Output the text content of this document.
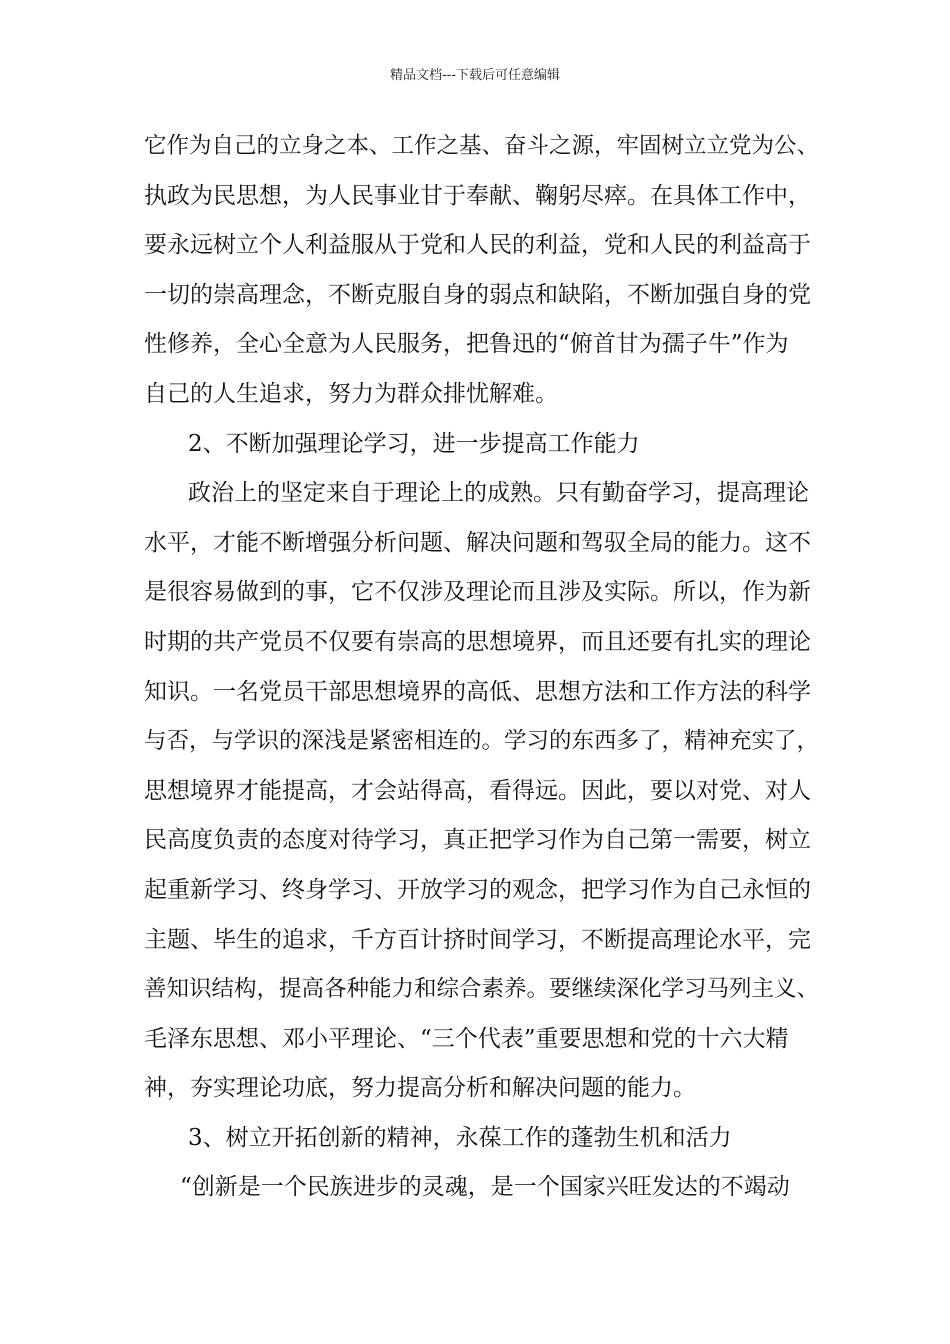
精品文档---下载后可任意编辑
它作为自己的立身之本、工作之基、奋斗之源，牢固树立立党为公、
执政为民思想，为人民事业甘于奉献、鞠躬尽瘁。在具体工作中，
要永远树立个人利益服从于党和人民的利益，党和人民的利益高于
一切的崇高理念，不断克服自身的弱点和缺陷，不断加强自身的党
性修养，全心全意为人民服务，把鲁迅的“俯首甘为孺子牛”作为
自己的人生追求，努力为群众排忧解难。
2、不断加强理论学习，进一步提高工作能力
政治上的坚定来自于理论上的成熟。只有勤奋学习，提高理论
水平，才能不断增强分析问题、解决问题和驾驭全局的能力。这不
是很容易做到的事，它不仅涉及理论而且涉及实际。所以，作为新
时期的共产党员不仅要有崇高的思想境界，而且还要有扎实的理论
知识。一名党员干部思想境界的高低、思想方法和工作方法的科学
与否，与学识的深浅是紧密相连的。学习的东西多了，精神充实了，
思想境界才能提高，才会站得高，看得远。因此，要以对党、对人
民高度负责的态度对待学习，真正把学习作为自己第一需要，树立
起重新学习、终身学习、开放学习的观念，把学习作为自己永恒的
主题、毕生的追求，千方百计挤时间学习，不断提高理论水平，完
善知识结构，提高各种能力和综合素养。要继续深化学习马列主义、
毛泽东思想、邓小平理论、“三个代表”重要思想和党的十六大精
神，夯实理论功底，努力提高分析和解决问题的能力。
3、树立开拓创新的精神，永葆工作的蓬勃生机和活力
“创新是一个民族进步的灵魂，是一个国家兴旺发达的不竭动
